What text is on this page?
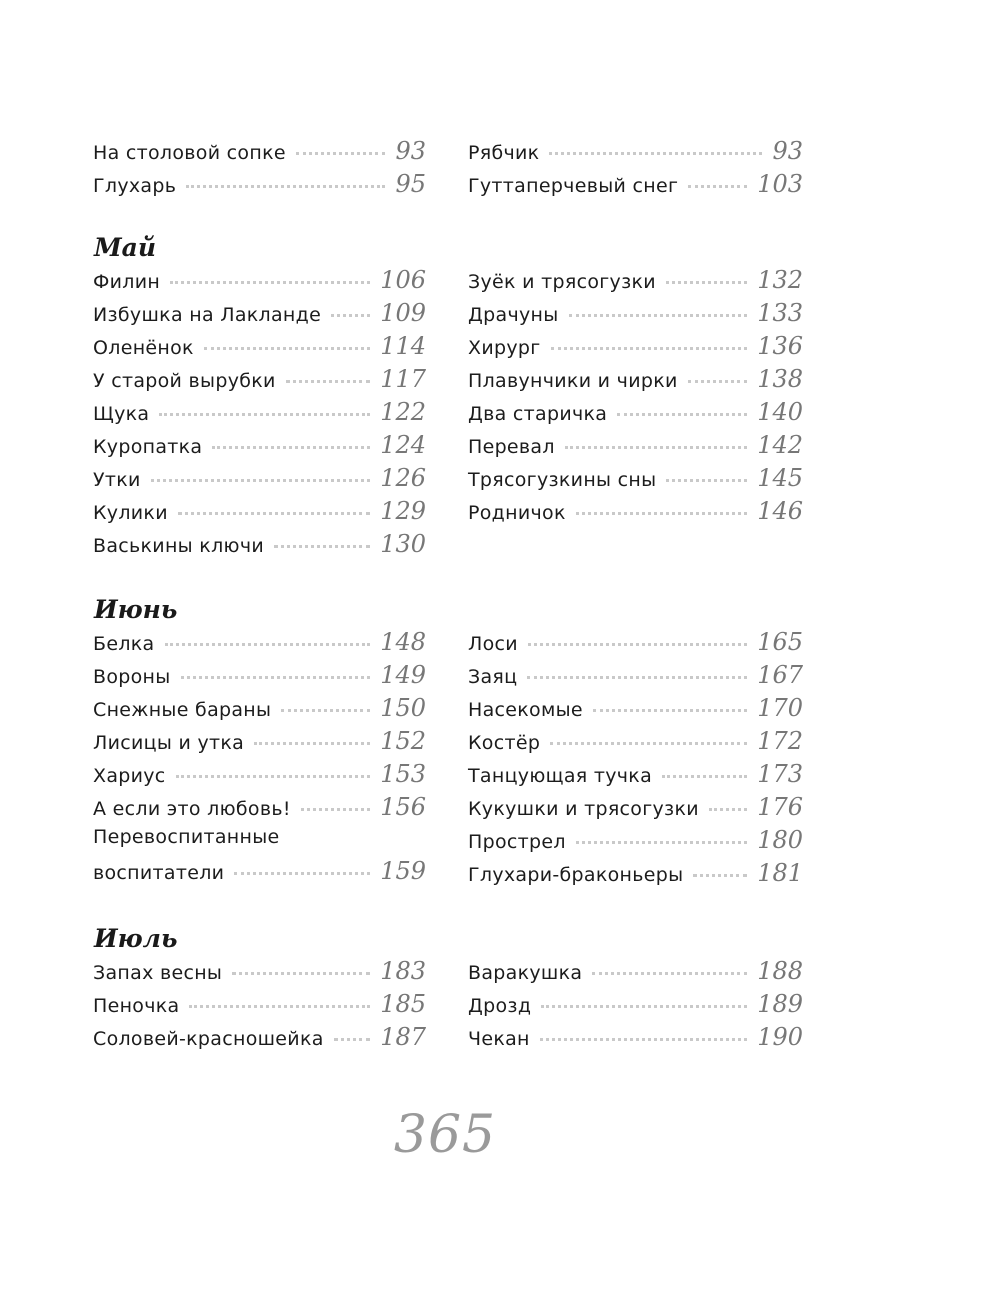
На столовой сопке	93
Глухарь	95
Рябчик	93
Гуттаперчевый снег	103
Май
Филин	106
Избушка на Лакланде 109
Оленёнок	114
У старой вырубки	117
Щука	122
Куропатка	124
Утки	126
Кулики	129
Васькины ключи	130
Зуёк и трясогузки	132
Драчуны	133
Хирург	136
Плавунчики и чирки	138
Два старичка	140
Перевал	142
Трясогузкины сны	145
Родничок	146
Июнь
Белка	148
Вороны	149
Снежные бараны	150
Лисицы и утка	152
Хариус	153
А если это любовь!	156
Перевоспитанные
воспитатели	159
Лоси	165
Заяц	167
Насекомые	170
Костёр	172
Танцующая тучка	173
Кукушки и трясогузки 176
Прострел	180
Глухари-браконьеры	181
Июль
Запах весны	183
Пеночка	185
Соловей-красношейка 187
Варакушка	188
Дрозд	189
Чекан	190
365
